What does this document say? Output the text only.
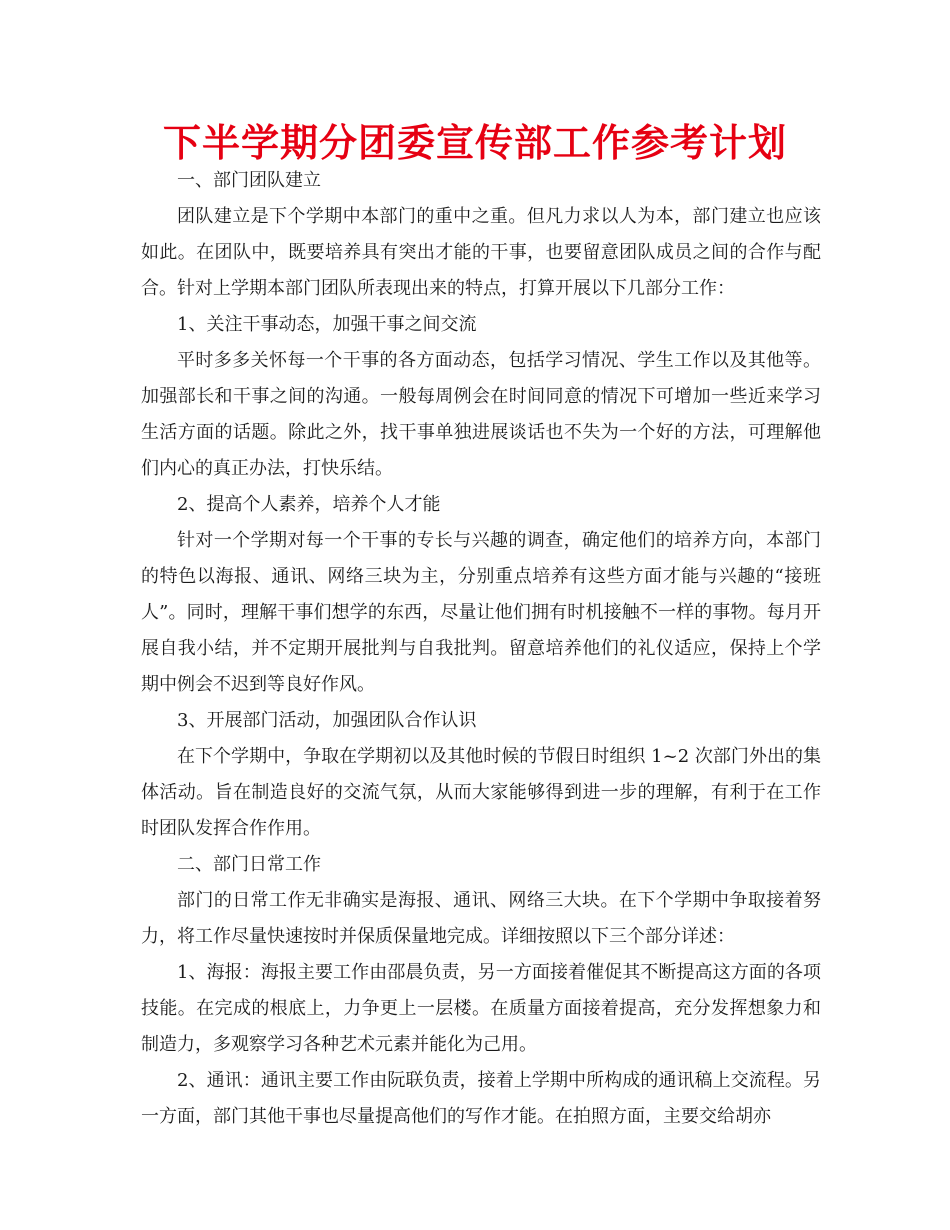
下半学期分团委宣传部工作参考计划

一、部门团队建立

团队建立是下个学期中本部门的重中之重。但凡力求以人为本，部门建立也应该如此。在团队中，既要培养具有突出才能的干事，也要留意团队成员之间的合作与配合。针对上学期本部门团队所表现出来的特点，打算开展以下几部分工作：

1、关注干事动态，加强干事之间交流

平时多多关怀每一个干事的各方面动态，包括学习情况、学生工作以及其他等。加强部长和干事之间的沟通。一般每周例会在时间同意的情况下可增加一些近来学习生活方面的话题。除此之外，找干事单独进展谈话也不失为一个好的方法，可理解他们内心的真正办法，打快乐结。

2、提高个人素养，培养个人才能

针对一个学期对每一个干事的专长与兴趣的调查，确定他们的培养方向，本部门的特色以海报、通讯、网络三块为主，分别重点培养有这些方面才能与兴趣的“接班人”。同时，理解干事们想学的东西，尽量让他们拥有时机接触不一样的事物。每月开展自我小结，并不定期开展批判与自我批判。留意培养他们的礼仪适应，保持上个学期中例会不迟到等良好作风。

3、开展部门活动，加强团队合作认识

在下个学期中，争取在学期初以及其他时候的节假日时组织 1~2 次部门外出的集体活动。旨在制造良好的交流气氛，从而大家能够得到进一步的理解，有利于在工作时团队发挥合作作用。

二、部门日常工作

部门的日常工作无非确实是海报、通讯、网络三大块。在下个学期中争取接着努力，将工作尽量快速按时并保质保量地完成。详细按照以下三个部分详述：

1、海报：海报主要工作由邵晨负责，另一方面接着催促其不断提高这方面的各项技能。在完成的根底上，力争更上一层楼。在质量方面接着提高，充分发挥想象力和制造力，多观察学习各种艺术元素并能化为己用。

2、通讯：通讯主要工作由阮联负责，接着上学期中所构成的通讯稿上交流程。另一方面，部门其他干事也尽量提高他们的写作才能。在拍照方面，主要交给胡亦
